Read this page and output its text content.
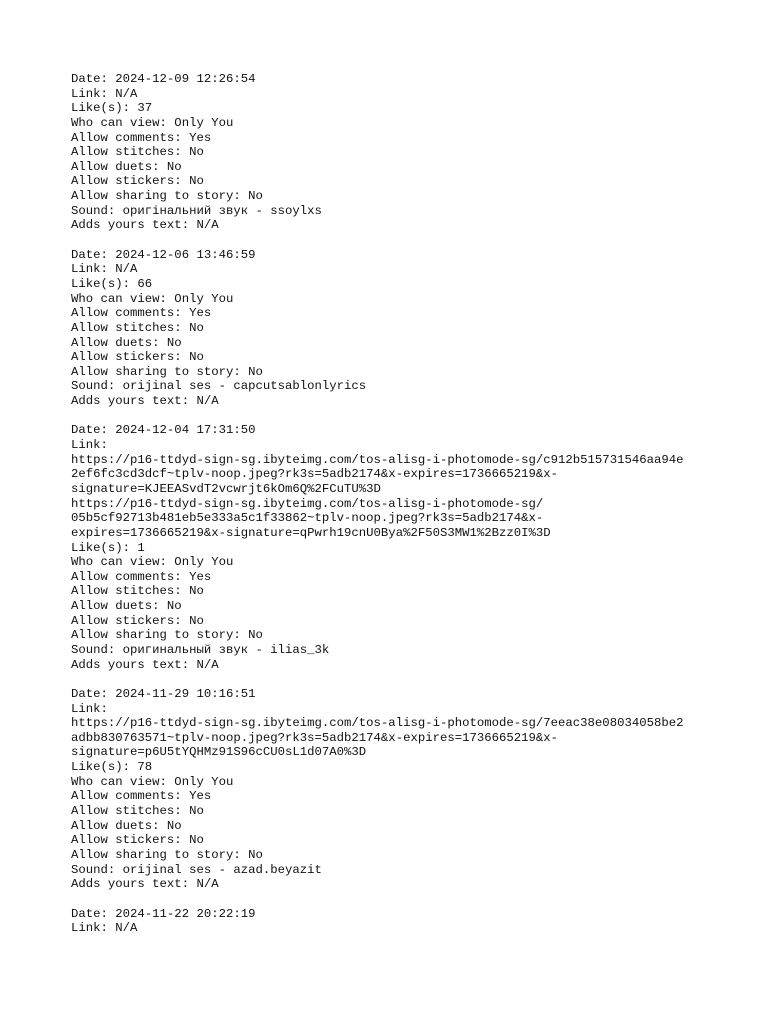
Date: 2024-12-09 12:26:54
Link: N/A
Like(s): 37
Who can view: Only You
Allow comments: Yes
Allow stitches: No
Allow duets: No
Allow stickers: No
Allow sharing to story: No
Sound: оригінальний звук - ssoylxs
Adds yours text: N/A
Date: 2024-12-06 13:46:59
Link: N/A
Like(s): 66
Who can view: Only You
Allow comments: Yes
Allow stitches: No
Allow duets: No
Allow stickers: No
Allow sharing to story: No
Sound: orijinal ses - capcutsablonlyrics
Adds yours text: N/A
Date: 2024-12-04 17:31:50
Link:
https://p16-ttdyd-sign-sg.ibyteimg.com/tos-alisg-i-photomode-sg/c912b515731546aa94e
2ef6fc3cd3dcf~tplv-noop.jpeg?rk3s=5adb2174&x-expires=1736665219&x-
signature=KJEEASvdT2vcwrjt6kOm6Q%2FCuTU%3D
https://p16-ttdyd-sign-sg.ibyteimg.com/tos-alisg-i-photomode-sg/
05b5cf92713b481eb5e333a5c1f33862~tplv-noop.jpeg?rk3s=5adb2174&x-
expires=1736665219&x-signature=qPwrh19cnU0Bya%2F50S3MW1%2Bzz0I%3D
Like(s): 1
Who can view: Only You
Allow comments: Yes
Allow stitches: No
Allow duets: No
Allow stickers: No
Allow sharing to story: No
Sound: оригинальный звук - ilias_3k
Adds yours text: N/A
Date: 2024-11-29 10:16:51
Link:
https://p16-ttdyd-sign-sg.ibyteimg.com/tos-alisg-i-photomode-sg/7eeac38e08034058be2
adbb830763571~tplv-noop.jpeg?rk3s=5adb2174&x-expires=1736665219&x-
signature=p6U5tYQHMz91S96cCU0sL1d07A0%3D
Like(s): 78
Who can view: Only You
Allow comments: Yes
Allow stitches: No
Allow duets: No
Allow stickers: No
Allow sharing to story: No
Sound: orijinal ses - azad.beyazit
Adds yours text: N/A
Date: 2024-11-22 20:22:19
Link: N/A
